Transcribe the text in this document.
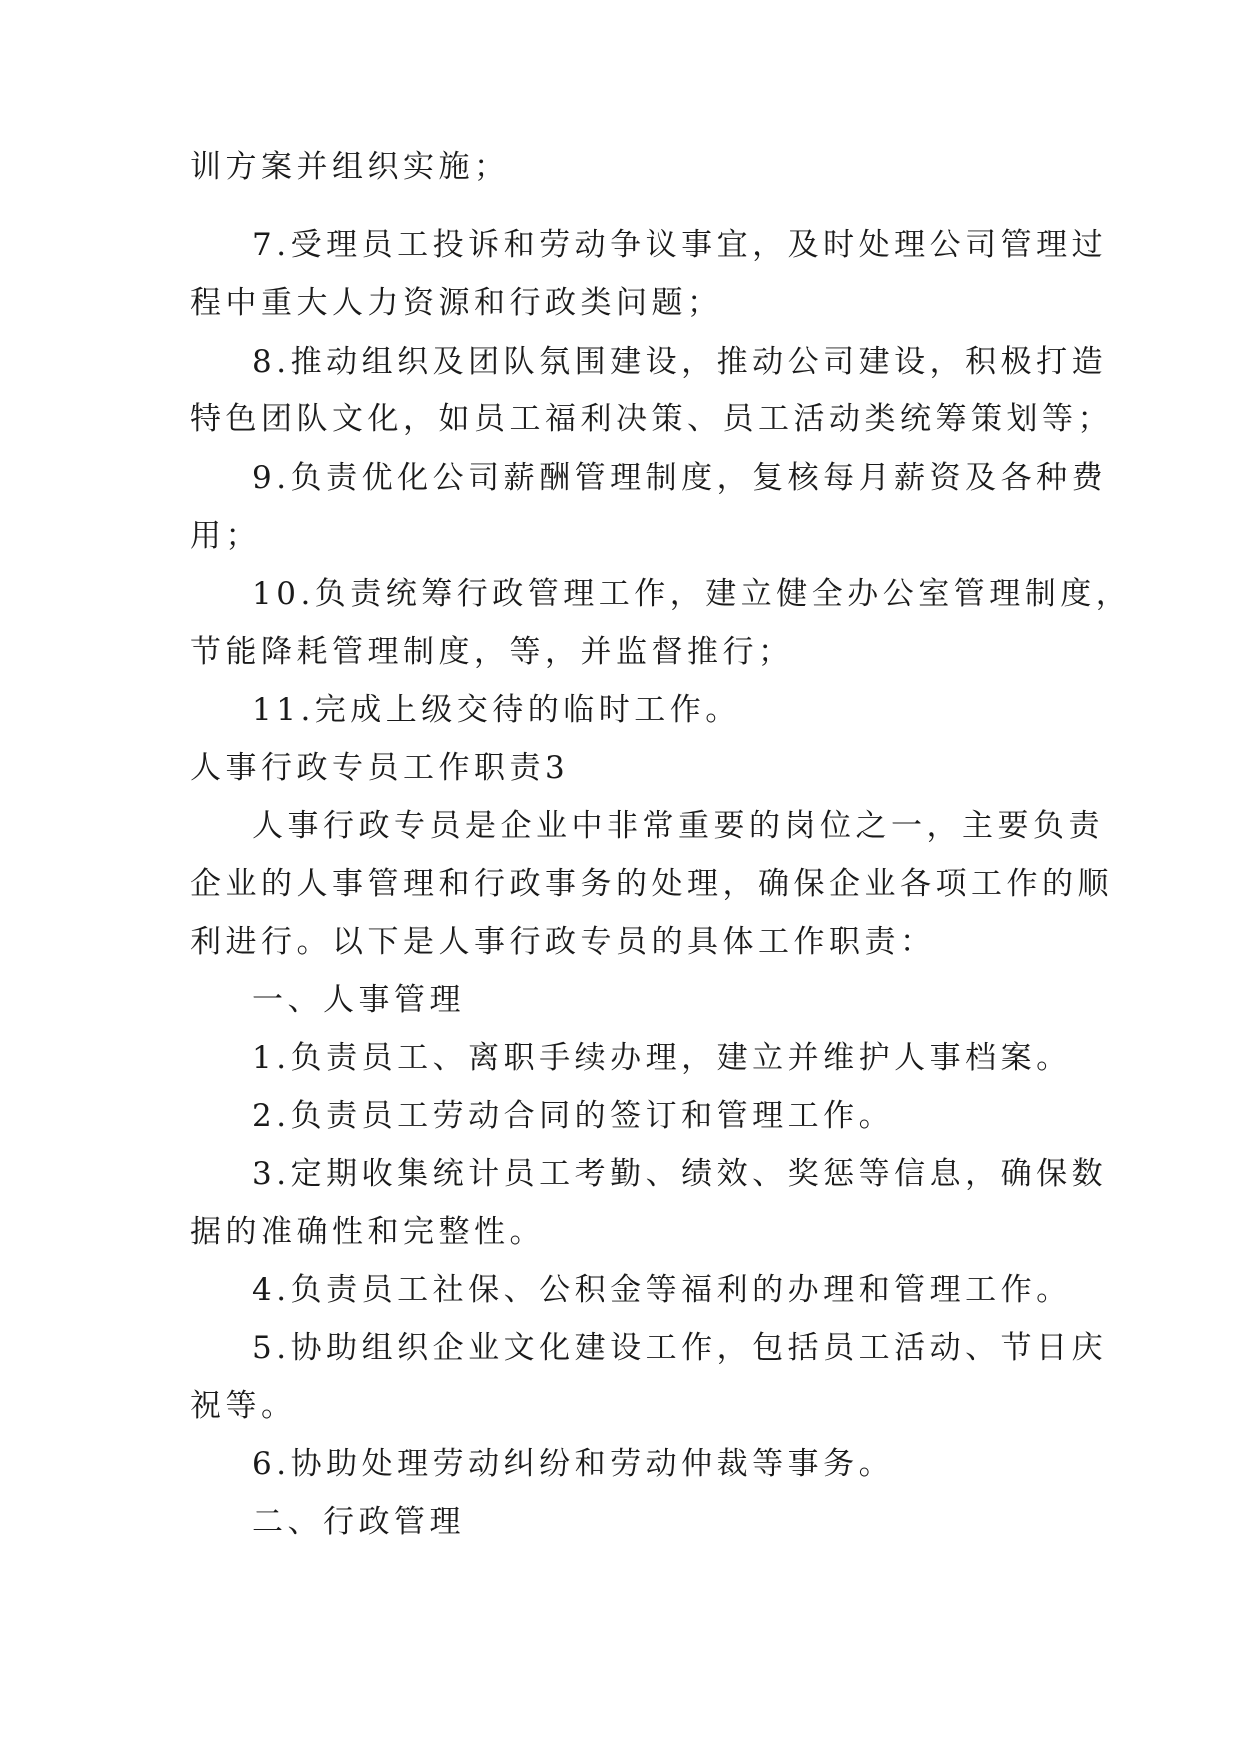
训方案并组织实施；
7.受理员工投诉和劳动争议事宜，及时处理公司管理过
程中重大人力资源和行政类问题；
8.推动组织及团队氛围建设，推动公司建设，积极打造
特色团队文化，如员工福利决策、员工活动类统筹策划等；
9.负责优化公司薪酬管理制度，复核每月薪资及各种费
用；
10.负责统筹行政管理工作，建立健全办公室管理制度，
节能降耗管理制度，等，并监督推行；
11.完成上级交待的临时工作。
人事行政专员工作职责3
人事行政专员是企业中非常重要的岗位之一，主要负责
企业的人事管理和行政事务的处理，确保企业各项工作的顺
利进行。以下是人事行政专员的具体工作职责：
一、人事管理
1.负责员工、离职手续办理，建立并维护人事档案。
2.负责员工劳动合同的签订和管理工作。
3.定期收集统计员工考勤、绩效、奖惩等信息，确保数
据的准确性和完整性。
4.负责员工社保、公积金等福利的办理和管理工作。
5.协助组织企业文化建设工作，包括员工活动、节日庆
祝等。
6.协助处理劳动纠纷和劳动仲裁等事务。
二、行政管理
